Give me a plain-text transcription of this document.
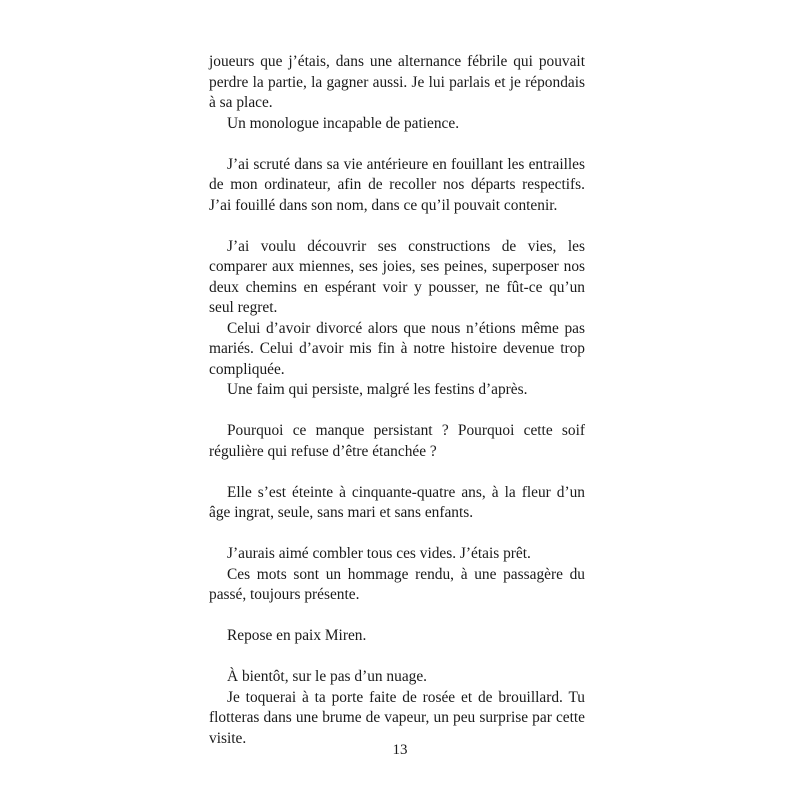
joueurs que j’étais, dans une alternance fébrile qui pouvait perdre la partie, la gagner aussi. Je lui parlais et je répondais à sa place.

Un monologue incapable de patience.

J’ai scruté dans sa vie antérieure en fouillant les entrailles de mon ordinateur, afin de recoller nos départs respectifs. J’ai fouillé dans son nom, dans ce qu’il pouvait contenir.

J’ai voulu découvrir ses constructions de vies, les comparer aux miennes, ses joies, ses peines, superposer nos deux chemins en espérant voir y pousser, ne fût-ce qu’un seul regret.

Celui d’avoir divorcé alors que nous n’étions même pas mariés. Celui d’avoir mis fin à notre histoire devenue trop compliquée.

Une faim qui persiste, malgré les festins d’après.

Pourquoi ce manque persistant ? Pourquoi cette soif régulière qui refuse d’être étanchée ?

Elle s’est éteinte à cinquante-quatre ans, à la fleur d’un âge ingrat, seule, sans mari et sans enfants.

J’aurais aimé combler tous ces vides. J’étais prêt.

Ces mots sont un hommage rendu, à une passagère du passé, toujours présente.

Repose en paix Miren.

À bientôt, sur le pas d’un nuage.

Je toquerai à ta porte faite de rosée et de brouillard. Tu flotteras dans une brume de vapeur, un peu surprise par cette visite.

13
